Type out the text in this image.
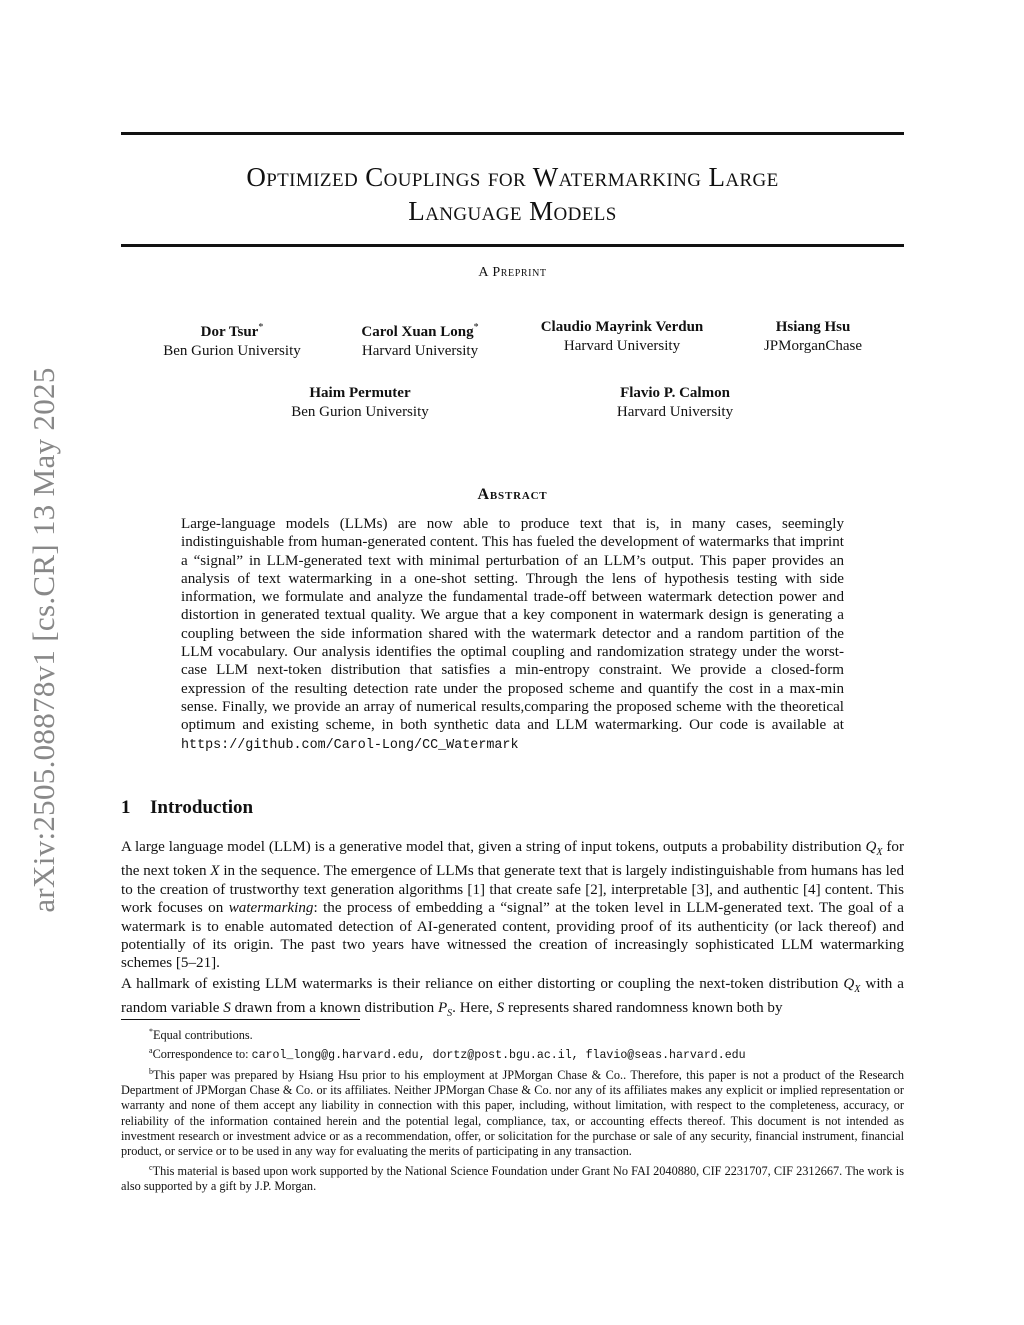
arXiv:2505.08878v1 [cs.CR] 13 May 2025
Optimized Couplings for Watermarking Large
Language Models
A Preprint
Dor Tsur*
Ben Gurion University
Carol Xuan Long*
Harvard University
Claudio Mayrink Verdun
Harvard University
Hsiang Hsu
JPMorganChase
Haim Permuter
Ben Gurion University
Flavio P. Calmon
Harvard University
Abstract
Large-language models (LLMs) are now able to produce text that is, in many cases, seemingly indistinguishable from human-generated content. This has fueled the development of watermarks that imprint a “signal” in LLM-generated text with minimal perturbation of an LLM’s output. This paper provides an analysis of text watermarking in a one-shot setting. Through the lens of hypothesis testing with side information, we formulate and analyze the fundamental trade-off between watermark detection power and distortion in generated textual quality. We argue that a key component in watermark design is generating a coupling between the side information shared with the watermark detector and a random partition of the LLM vocabulary. Our analysis identifies the optimal coupling and randomization strategy under the worst-case LLM next-token distribution that satisfies a min-entropy constraint. We provide a closed-form expression of the resulting detection rate under the proposed scheme and quantify the cost in a max-min sense. Finally, we provide an array of numerical results,comparing the proposed scheme with the theoretical optimum and existing scheme, in both synthetic data and LLM watermarking. Our code is available at https://github.com/Carol-Long/CC_Watermark
1 Introduction
A large language model (LLM) is a generative model that, given a string of input tokens, outputs a probability distribution $Q_X$ for the next token X in the sequence. The emergence of LLMs that generate text that is largely indistinguishable from humans has led to the creation of trustworthy text generation algorithms [1] that create safe [2], interpretable [3], and authentic [4] content. This work focuses on watermarking: the process of embedding a “signal” at the token level in LLM-generated text. The goal of a watermark is to enable automated detection of AI-generated content, providing proof of its authenticity (or lack thereof) and potentially of its origin. The past two years have witnessed the creation of increasingly sophisticated LLM watermarking schemes [5–21].
A hallmark of existing LLM watermarks is their reliance on either distorting or coupling the next-token distribution $Q_X$ with a random variable S drawn from a known distribution $P_S$. Here, S represents shared randomness known both by

*Equal contributions.

$^a$Correspondence to: carol_long@g.harvard.edu, dortz@post.bgu.ac.il, flavio@seas.harvard.edu

$^b$This paper was prepared by Hsiang Hsu prior to his employment at JPMorgan Chase & Co.. Therefore, this paper is not a product of the Research Department of JPMorgan Chase & Co. or its affiliates. Neither JPMorgan Chase & Co. nor any of its affiliates makes any explicit or implied representation or warranty and none of them accept any liability in connection with this paper, including, without limitation, with respect to the completeness, accuracy, or reliability of the information contained herein and the potential legal, compliance, tax, or accounting effects thereof. This document is not intended as investment research or investment advice or as a recommendation, offer, or solicitation for the purchase or sale of any security, financial instrument, financial product, or service or to be used in any way for evaluating the merits of participating in any transaction.

$^c$This material is based upon work supported by the National Science Foundation under Grant No FAI 2040880, CIF 2231707, CIF 2312667. The work is also supported by a gift by J.P. Morgan.
